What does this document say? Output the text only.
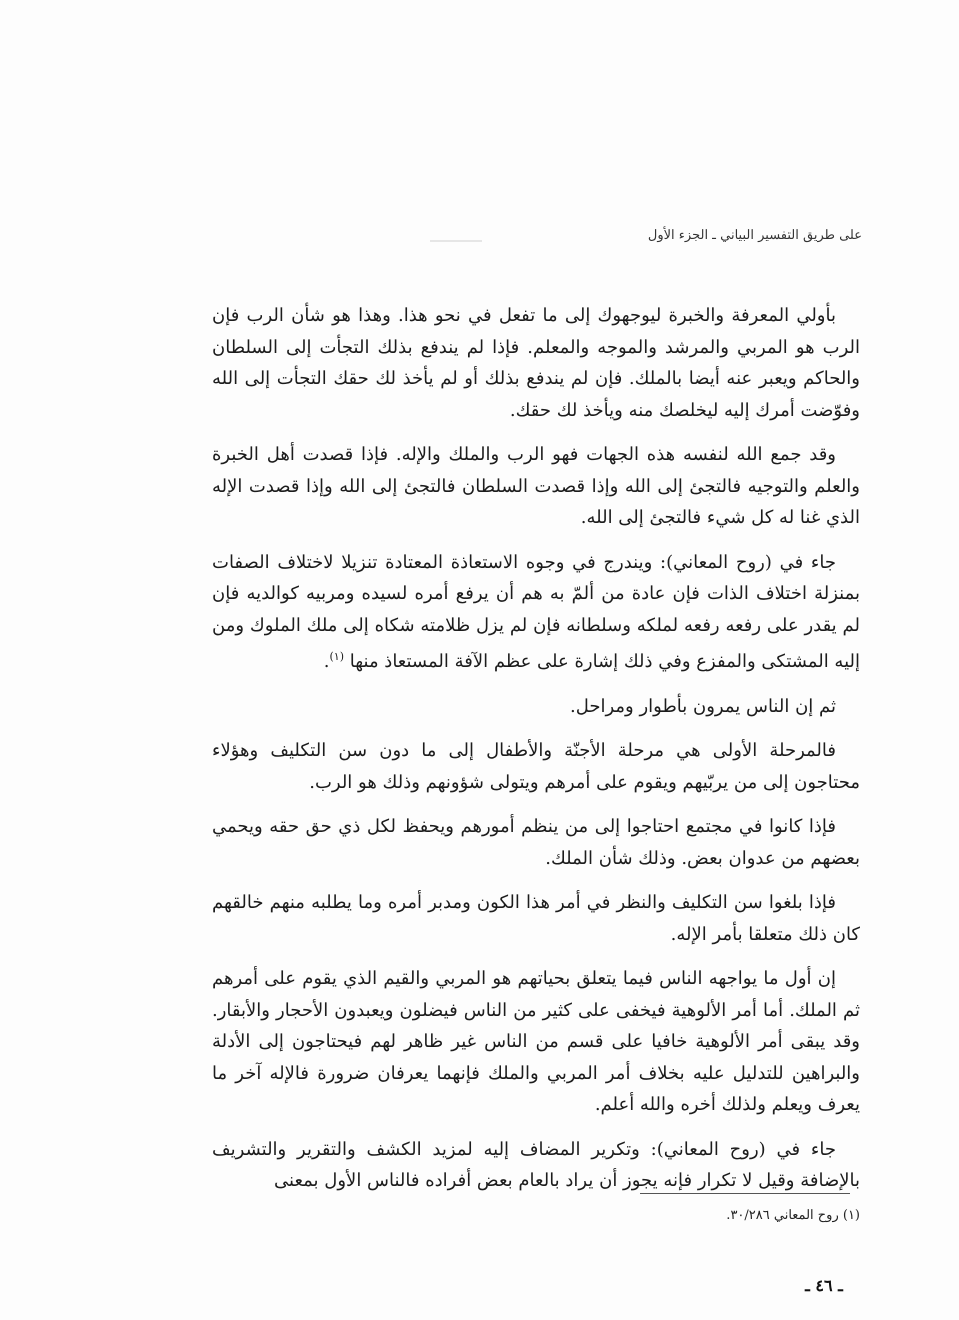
على طريق التفسير البياني ـ الجزء الأول

بأولي المعرفة والخبرة ليوجهوك إلى ما تفعل في نحو هذا. وهذا هو شأن الرب فإن الرب هو المربي والمرشد والموجه والمعلم. فإذا لم يندفع بذلك التجأت إلى السلطان والحاكم ويعبر عنه أيضا بالملك. فإن لم يندفع بذلك أو لم يأخذ لك حقك التجأت إلى الله وفوّضت أمرك إليه ليخلصك منه ويأخذ لك حقك.

وقد جمع الله لنفسه هذه الجهات فهو الرب والملك والإله. فإذا قصدت أهل الخبرة والعلم والتوجيه فالتجئ إلى الله وإذا قصدت السلطان فالتجئ إلى الله وإذا قصدت الإله الذي غنا له كل شيء فالتجئ إلى الله.

جاء في (روح المعاني): ويندرج في وجوه الاستعاذة المعتادة تنزيلا لاختلاف الصفات بمنزلة اختلاف الذات فإن عادة من ألمّ به هم أن يرفع أمره لسيده ومربيه كوالديه فإن لم يقدر على رفعه رفعه لملكه وسلطانه فإن لم يزل ظلامته شكاه إلى ملك الملوك ومن إليه المشتكى والمفزع وفي ذلك إشارة على عظم الآفة المستعاذ منها $^{(١)}$.

ثم إن الناس يمرون بأطوار ومراحل.

فالمرحلة الأولى هي مرحلة الأجنّة والأطفال إلى ما دون سن التكليف وهؤلاء محتاجون إلى من يربّيهم ويقوم على أمرهم ويتولى شؤونهم وذلك هو الرب.

فإذا كانوا في مجتمع احتاجوا إلى من ينظم أمورهم ويحفظ لكل ذي حق حقه ويحمي بعضهم من عدوان بعض. وذلك شأن الملك.

فإذا بلغوا سن التكليف والنظر في أمر هذا الكون ومدبر أمره وما يطلبه منهم خالقهم كان ذلك متعلقا بأمر الإله.

إن أول ما يواجهه الناس فيما يتعلق بحياتهم هو المربي والقيم الذي يقوم على أمرهم ثم الملك. أما أمر الألوهية فيخفى على كثير من الناس فيضلون ويعبدون الأحجار والأبقار. وقد يبقى أمر الألوهية خافيا على قسم من الناس غير ظاهر لهم فيحتاجون إلى الأدلة والبراهين للتدليل عليه بخلاف أمر المربي والملك فإنهما يعرفان ضرورة فالإله آخر ما يعرف ويعلم ولذلك أخره والله أعلم.

جاء في (روح المعاني): وتكرير المضاف إليه لمزيد الكشف والتقرير والتشريف بالإضافة وقيل لا تكرار فإنه يجوز أن يراد بالعام بعض أفراده فالناس الأول بمعنى

(١) روح المعاني ٣٠/٢٨٦.
ـ ٤٦ ـ
